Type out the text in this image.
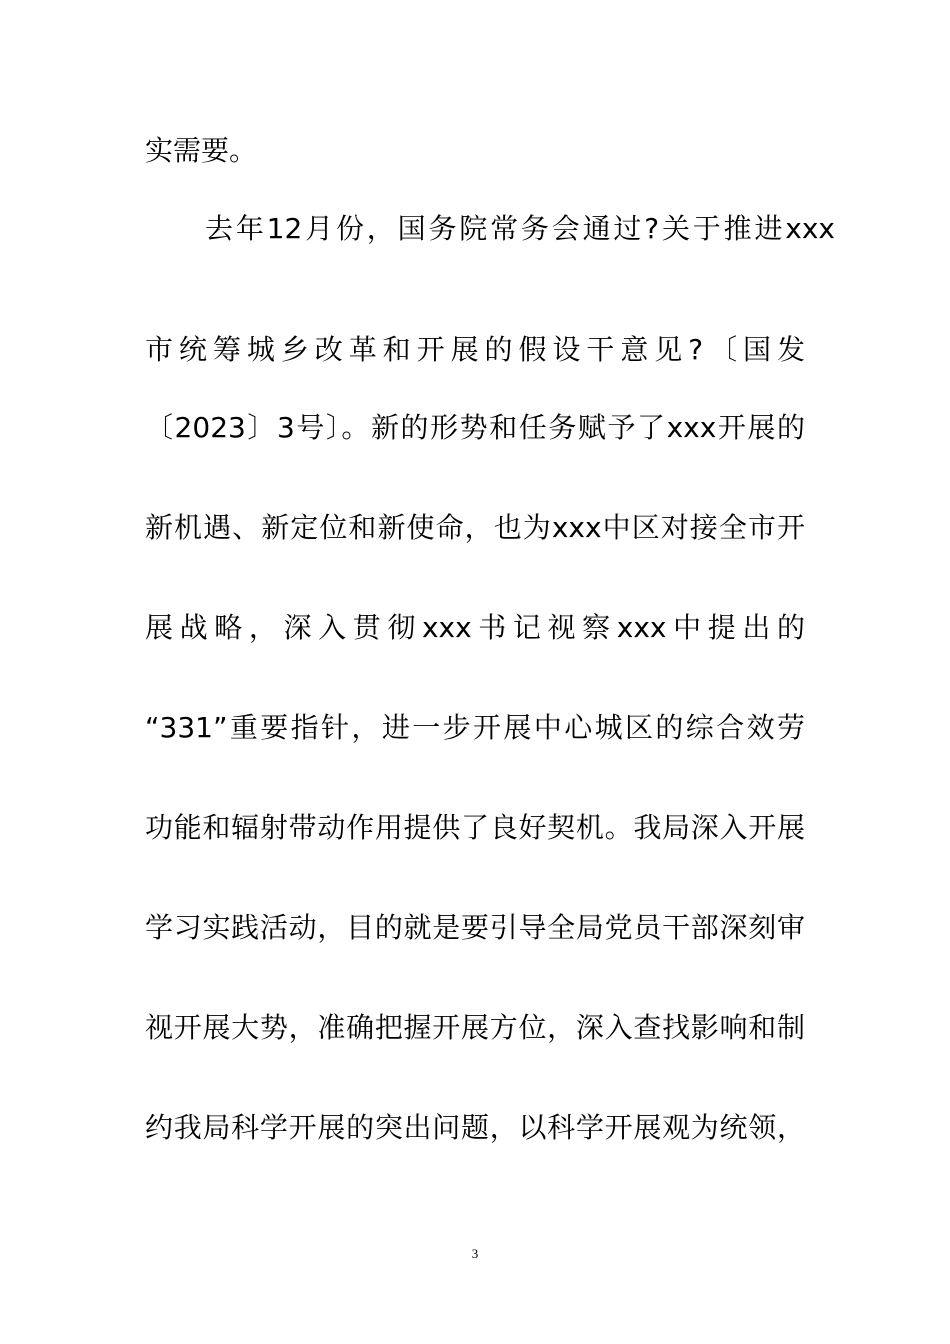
实需要。
去年12月份，国务院常务会通过?关于推进xxx
市统筹城乡改革和开展的假设干意见?〔国发
〔2023〕3号〕。新的形势和任务赋予了xxx开展的
新机遇、新定位和新使命，也为xxx中区对接全市开
展战略，深入贯彻xxx书记视察xxx中提出的
“331”重要指针，进一步开展中心城区的综合效劳
功能和辐射带动作用提供了良好契机。我局深入开展
学习实践活动，目的就是要引导全局党员干部深刻审
视开展大势，准确把握开展方位，深入查找影响和制
约我局科学开展的突出问题，以科学开展观为统领，
3
